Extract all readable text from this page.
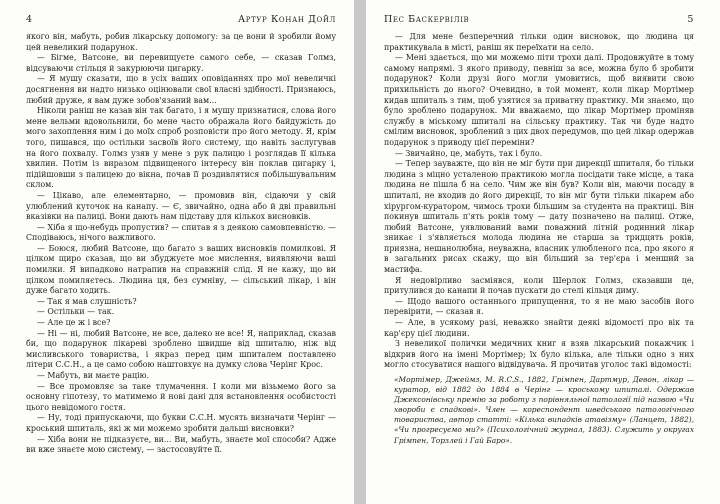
4	Артур Конан Дойл

якого він, мабуть, робив лікарську допомогу: за це вони й зробили йому цей невеликий подарунок.

— Бігме, Ватсоне, ви перевищуєте самого себе, — сказав Голмз, відсуваючи стільця й закурюючи цигарку.

— Я мушу сказати, що в усіх ваших оповіданнях про мої невеличкі досягнення ви надто низько оцінювали свої власні здібності. Признаюсь, любий друже, я вам дуже зобов'язаний вам...

Ніколи раніш не казав він так багато, і я мушу признатися, слова його мене вельми вдовольнили, бо мене часто ображала його байдужість до мого захоплення ним і до моїх спроб розповісти про його методу. Я, крім того, пишався, що остільки засвоїв його систему, що навіть заслугував на його похвалу. Голмз узяв у мене з рук палицю і розглядав її кілька хвилин. Потім із виразом підвищеного інтересу він поклав цигарку і, підійшовши з палицею до вікна, почав її роздивлятися побільшувальним склом.

— Цікаво, але елементарно, — промовив він, сідаючи у свій улюблений куточок на канапу. — Є, звичайно, одна або й дві правильні вказівки на палиці. Вони дають нам підставу для кількох висновків.

— Хіба я що-небудь пропустив? — спитав я з деякою самовпевністю. — Сподіваюсь, нічого важливого.

— Боюся, любий Ватсоне, що багато з ваших висновків помилкові. Я цілком щиро сказав, що ви збуджуєте моє мислення, виявляючи ваші помилки. Я випадково натрапив на справжній слід. Я не кажу, що ви цілком помиляєтесь. Людина ця, без сумніву, — сільський лікар, і він дуже багато ходить.

— Так я мав слушність?

— Остільки — так.

— Але це ж і все?

— Ні — ні, любий Ватсоне, не все, далеко не все! Я, наприклад, сказав би, що подарунок лікареві зроблено швидше від шпиталю, ніж від мисливського товариства, і якраз перед цим шпиталем поставлено літери С.С.Н., а це само собою наштовхує на думку слова Черінг Крос.

— Мабуть, ви маєте рацію.

— Все промовляє за таке тлумачення. І коли ми візьмемо його за основну гіпотезу, то матимемо й нові дані для встановлення особистості цього невідомого гостя.

— Ну, тоді припускаючи, що букви С.С.Н. мусять визначати Черінг — кроський шпиталь, які ж ми можемо зробити дальші висновки?

— Хіба вони не підказуєте, ви... Ви, мабуть, знаєте мої способи? Адже ви вже знаєте мою систему, — застосовуйте її.

Пес Баскервілів	5

— Для мене безперечний тільки один висновок, що людина ця практикувала в місті, раніш як переїхати на село.

— Мені здається, що ми можемо піти трохи далі. Продовжуйте в тому самому напрямі. З якого приводу, певніш за все, можна було б зробити подарунок? Коли друзі його могли умовитись, щоб виявити свою прихильність до нього? Очевидно, в той момент, коли лікар Мортімер кидав шпиталь з тим, щоб узятися за приватну практику. Ми знаємо, що було зроблено подарунок. Ми вважаємо, що лікар Мортімер проміняв службу в міському шпиталі на сільську практику. Так чи буде надто смілим висновок, зроблений з цих двох передумов, що цей лікар одержав подарунок з приводу цієї переміни?

— Звичайно, це, мабуть, так і було.

— Тепер зауважте, що він не міг бути при дирекції шпиталя, бо тільки людина з міцно усталеною практикою могла посідати таке місце, а така людина не пішла б на село. Чим же він був? Коли він, маючи посаду в шпиталі, не входив до його дирекції, то він міг бути тільки лікарем або хірургом-куратором, чимось трохи більшим за студента на практиці. Він покинув шпиталь п'ять років тому — дату позначено на палиці. Отже, любий Ватсоне, уявлюваний вами поважний літній родинний лікар зникає і з'являється молода людина не старша за тридцять років, приязна, нешанолюбна, неуважна, власник улюбленого пса, про якого я в загальних рисах скажу, що він більший за тер'єра і менший за мастифа.

Я недовірливо засміявся, коли Шерлок Голмз, сказавши це, притулився до канапи й почав пускати до стелі кільця диму.

— Щодо вашого останнього припущення, то я не маю засобів його перевірити, — сказав я.

— Але, в усякому разі, неважко знайти деякі відомості про вік та кар'єру цієї людини.

З невеликої полички медичних книг я взяв лікарський покажчик і відкрив його на імені Мортімер; їх було кілька, але тільки одно з них могло стосуватися нашого відвідувача. Я прочитав уголос такі відомості:

«Мортімер, Джеймз, М. R.C.S., 1882, Грімпен, Дартмур, Девон, лікар — куратор, від 1882 до 1884 в Черінг — кроському шпиталі. Одержав Джексонівську премію за роботу з порівняльної патології під назвою «Чи хвороби є спадкові». Член — кореспондент шведського патологічного товариства, автор статті: «Кілька випадків атавізму» (Ланцет, 1882), «Чи прогресуємо ми?» (Психологічний журнал, 1883). Служить у округах Грімпен, Торзлей і Гай Баро».
